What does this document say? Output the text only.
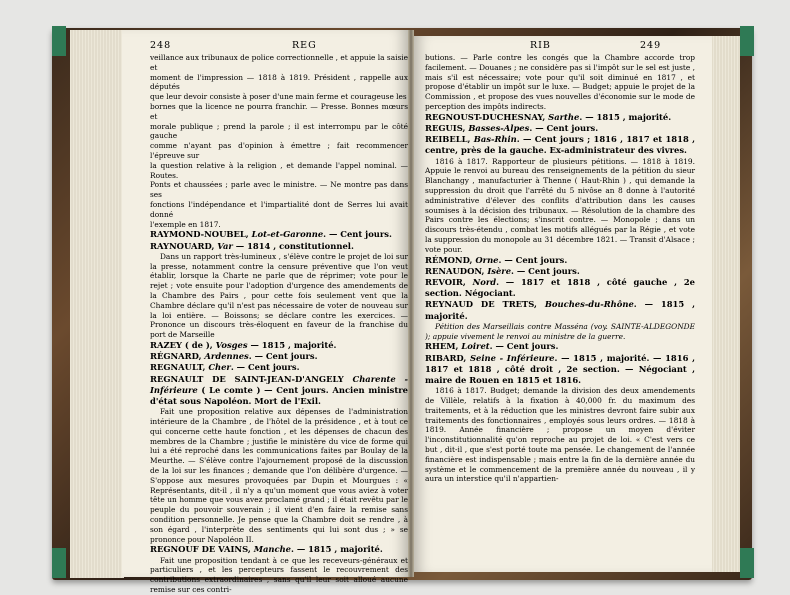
248	REG	RIB	249

veillance aux tribunaux de police correctionnelle , et appuie la saisie et

moment de l'impression — 1818 à 1819. Président , rappelle aux députés

que leur devoir consiste à poser d'une main ferme et courageuse les

bornes que la licence ne pourra franchir. — Presse. Bonnes mœurs et

morale publique ; prend la parole ; il est interrompu par le côté gauche

comme n'ayant pas d'opinion à émettre ; fait recommencer l'épreuve sur

la question relative à la religion , et demande l'appel nominal. — Routes.

Ponts et chaussées ; parle avec le ministre. — Ne montre pas dans ses

fonctions l'indépendance et l'impartialité dont de Serres lui avait donné

l'exemple en 1817.

RAYMOND-NOUBEL, Lot-et-Garonne. — Cent jours.

RAYNOUARD, Var — 1814 , constitutionnel.

Dans un rapport très-lumineux , s'élève contre le projet de loi sur la presse, notamment contre la censure préventive que l'on veut établir, lorsque la Charte ne parle que de réprimer; vote pour le rejet ; vote ensuite pour l'adoption d'urgence des amendements de la Chambre des Pairs , pour cette fois seulement vent que la Chambre déclare qu'il n'est pas nécessaire de voter de nouveau sur la loi entière. — Boissons; se déclare contre les exercices. — Prononce un discours très-éloquent en faveur de la franchise du port de Marseille

RAZEY ( de ), Vosges — 1815 , majorité.

RÉGNARD, Ardennes. — Cent jours.

REGNAULT, Cher. — Cent jours.

REGNAULT DE SAINT-JEAN-D'ANGELY Charente - Inférieure ( Le comte ) — Cent jours. Ancien ministre d'état sous Napoléon. Mort de l'Exil.

Fait une proposition relative aux dépenses de l'administration intérieure de la Chambre , de l'hôtel de la présidence , et à tout ce qui concerne cette haute fonction , et les dépenses de chacun des membres de la Chambre ; justifie le ministère du vice de forme qui lui a été reproché dans les communications faites par Boulay de la Meurthe. — S'élève contre l'ajournement proposé de la discussion de la loi sur les finances ; demande que l'on délibère d'urgence. — S'oppose aux mesures provoquées par Dupin et Mourgues : « Représentants, dit-il , il n'y a qu'un moment que vous aviez à voter tête un homme que vous avez proclamé grand ; il était revêtu par le peuple du pouvoir souverain ; il vient d'en faire la remise sans condition personnelle. Je pense que la Chambre doit se rendre , à son égard , l'interprète des sentiments qui lui sont dus ; » se prononce pour Napoléon II.

REGNOUF DE VAINS, Manche. — 1815 , majorité.

Fait une proposition tendant à ce que les receveurs-généraux et particuliers , et les percepteurs fassent le recouvrement des contributions extraordinaires , sans qu'il leur soit alloué aucune remise sur ces contri-

butions. — Parle contre les congés que la Chambre accorde trop facilement. — Douanes ; ne considère pas si l'impôt sur le sel est juste , mais s'il est nécessaire; vote pour qu'il soit diminué en 1817 , et propose d'établir un impôt sur le luxe. — Budget; appuie le projet de la Commission , et propose des vues nouvelles d'économie sur le mode de perception des impôts indirects.

REGNOUST-DUCHESNAY, Sarthe. — 1815 , majorité.

REGUIS, Basses-Alpes. — Cent jours.

REIBELL, Bas-Rhin. — Cent jours ; 1816 , 1817 et 1818 , centre, près de la gauche. Ex-administrateur des vivres.

1816 à 1817. Rapporteur de plusieurs pétitions. — 1818 à 1819. Appuie le renvoi au bureau des renseignements de la pétition du sieur Blanchangy , manufacturier à Thenne ( Haut-Rhin ) , qui demande la suppression du droit que l'arrêté du 5 nivôse an 8 donne à l'autorité administrative d'élever des conflits d'attribution dans les causes soumises à la décision des tribunaux. — Résolution de la chambre des Pairs contre les élections; s'inscrit contre. — Monopole ; dans un discours très-étendu , combat les motifs allégués par la Régie , et vote la suppression du monopole au 31 décembre 1821. — Transit d'Alsace ; vote pour.

RÉMOND, Orne. — Cent jours.

RENAUDON, Isère. — Cent jours.

REVOIR, Nord. — 1817 et 1818 , côté gauche , 2e section. Négociant.

REYNAUD DE TRETS, Bouches-du-Rhône. — 1815 , majorité.

Pétition des Marseillais contre Masséna (voy. SAINTE-ALDEGONDE ); appuie vivement le renvoi au ministre de la guerre.

RHEM, Loiret. — Cent jours.

RIBARD, Seine - Inférieure. — 1815 , majorité. — 1816 , 1817 et 1818 , côté droit , 2e section. — Négociant , maire de Rouen en 1815 et 1816.

1816 à 1817. Budget; demande la division des deux amendements de Villèle, relatifs à la fixation à 40,000 fr. du maximum des traitements, et à la réduction que les ministres devront faire subir aux traitements des fonctionnaires , employés sous leurs ordres. — 1818 à 1819. Année financière ; propose un moyen d'éviter l'inconstitutionnalité qu'on reproche au projet de loi. « C'est vers ce but , dit-il , que s'est porté toute ma pensée. Le changement de l'année financière est indispensable ; mais entre la fin de la dernière année du système et le commencement de la première année du nouveau , il y aura un interstice qu'il n'appartien-
